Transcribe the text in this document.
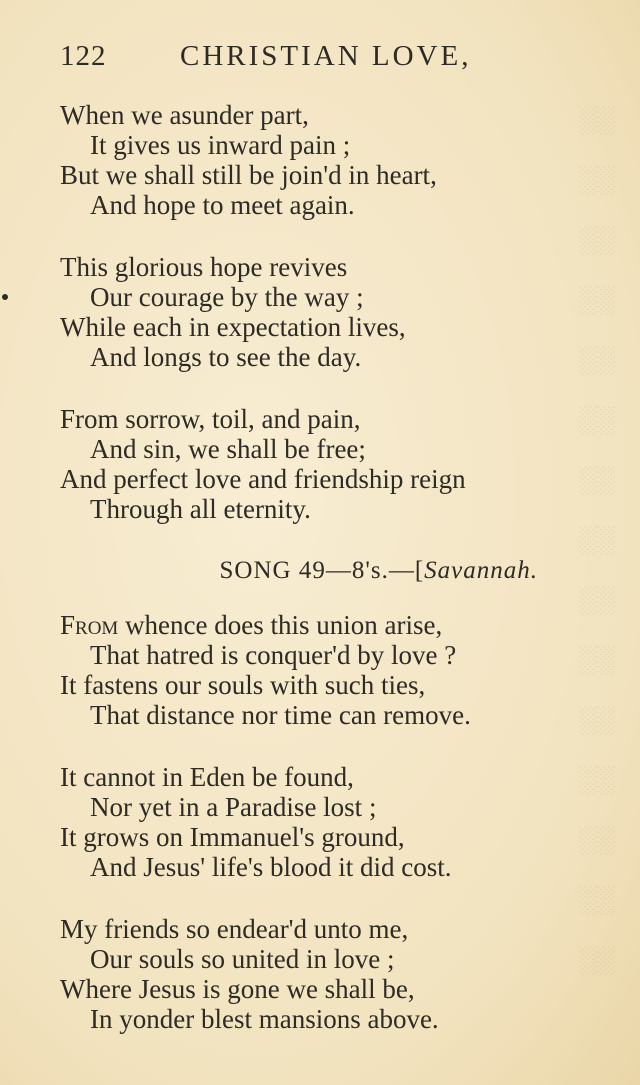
░░
░░
░░
░░
░░
░░
░░
░░
░░
░░
░░
░░
░░
░░
░░
122	CHRISTIAN LOVE,
When we asunder part,
It gives us inward pain ;
But we shall still be join'd in heart,
And hope to meet again.
This glorious hope revives
Our courage by the way ;
While each in expectation lives,
And longs to see the day.
From sorrow, toil, and pain,
And sin, we shall be free;
And perfect love and friendship reign
Through all eternity.
SONG 49—8's.—[Savannah.
From whence does this union arise,
That hatred is conquer'd by love ?
It fastens our souls with such ties,
That distance nor time can remove.
It cannot in Eden be found,
Nor yet in a Paradise lost ;
It grows on Immanuel's ground,
And Jesus' life's blood it did cost.
My friends so endear'd unto me,
Our souls so united in love ;
Where Jesus is gone we shall be,
In yonder blest mansions above.
